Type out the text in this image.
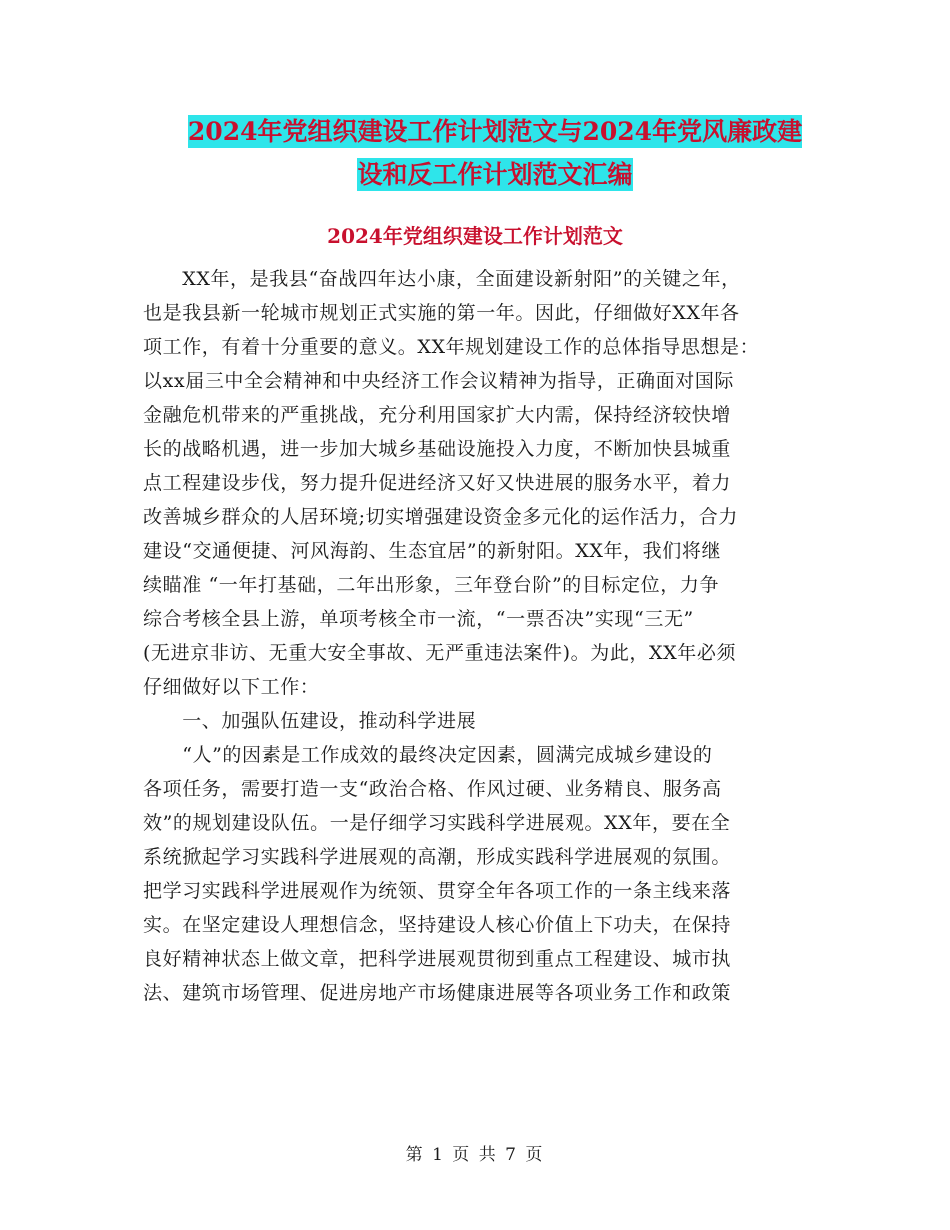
2024年党组织建设工作计划范文与2024年党风廉政建
设和反工作计划范文汇编
2024年党组织建设工作计划范文

　　XX年，是我县“奋战四年达小康，全面建设新射阳”的关键之年，

也是我县新一轮城市规划正式实施的第一年。因此，仔细做好XX年各

项工作，有着十分重要的意义。XX年规划建设工作的总体指导思想是：

以xx届三中全会精神和中央经济工作会议精神为指导，正确面对国际

金融危机带来的严重挑战，充分利用国家扩大内需，保持经济较快增

长的战略机遇，进一步加大城乡基础设施投入力度，不断加快县城重

点工程建设步伐，努力提升促进经济又好又快进展的服务水平，着力

改善城乡群众的人居环境;切实增强建设资金多元化的运作活力，合力

建设“交通便捷、河风海韵、生态宜居”的新射阳。XX年，我们将继

续瞄准 “一年打基础，二年出形象，三年登台阶”的目标定位，力争

综合考核全县上游，单项考核全市一流，“一票否决”实现“三无”

(无进京非访、无重大安全事故、无严重违法案件)。为此，XX年必须

仔细做好以下工作：

　　一、加强队伍建设，推动科学进展

　　“人”的因素是工作成效的最终决定因素，圆满完成城乡建设的

各项任务，需要打造一支“政治合格、作风过硬、业务精良、服务高

效”的规划建设队伍。一是仔细学习实践科学进展观。XX年，要在全

系统掀起学习实践科学进展观的高潮，形成实践科学进展观的氛围。

把学习实践科学进展观作为统领、贯穿全年各项工作的一条主线来落

实。在坚定建设人理想信念，坚持建设人核心价值上下功夫，在保持

良好精神状态上做文章，把科学进展观贯彻到重点工程建设、城市执

法、建筑市场管理、促进房地产市场健康进展等各项业务工作和政策

第 1 页 共 7 页
